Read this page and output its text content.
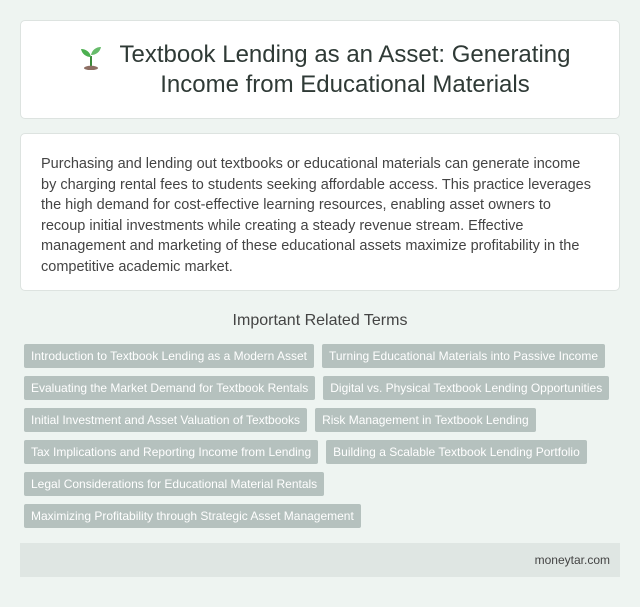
Textbook Lending as an Asset: Generating
Income from Educational Materials

Purchasing and lending out textbooks or educational materials can generate income by charging rental fees to students seeking affordable access. This practice leverages the high demand for cost-effective learning resources, enabling asset owners to recoup initial investments while creating a steady revenue stream. Effective management and marketing of these educational assets maximize profitability in the competitive academic market.

Important Related Terms
Introduction to Textbook Lending as a Modern Asset	Turning Educational Materials into Passive Income
Evaluating the Market Demand for Textbook Rentals	Digital vs. Physical Textbook Lending Opportunities
Initial Investment and Asset Valuation of Textbooks	Risk Management in Textbook Lending
Tax Implications and Reporting Income from Lending	Building a Scalable Textbook Lending Portfolio
Legal Considerations for Educational Material Rentals
Maximizing Profitability through Strategic Asset Management
moneytar.com
